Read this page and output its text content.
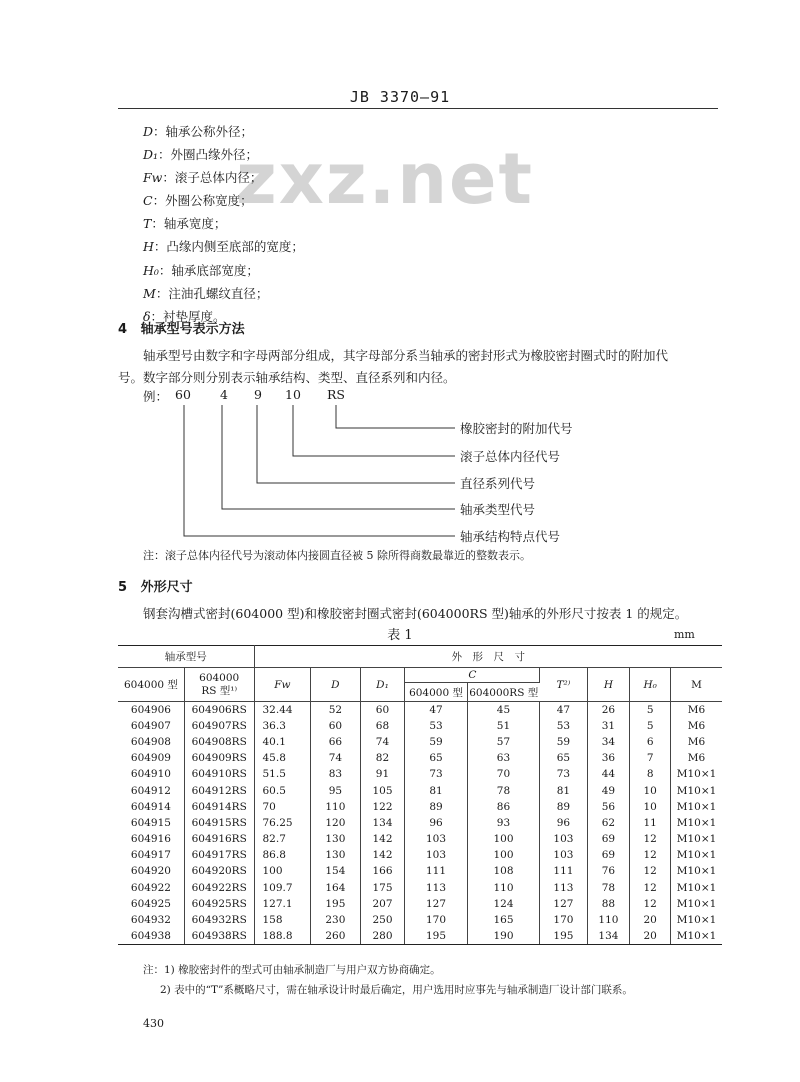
JB 3370—91
zxz.net
D：轴承公称外径；
D₁：外圈凸缘外径；
Fw：滚子总体内径；
C：外圈公称宽度；
T：轴承宽度；
H：凸缘内侧至底部的宽度；
H₀：轴承底部宽度；
M：注油孔螺纹直径；
δ：衬垫厚度。
4 轴承型号表示方法
轴承型号由数字和字母两部分组成，其字母部分系当轴承的密封形式为橡胶密封圈式时的附加代
号。数字部分则分别表示轴承结构、类型、直径系列和内径。
例： 60 4 9 10 RS
橡胶密封的附加代号
滚子总体内径代号
直径系列代号
轴承类型代号
轴承结构特点代号
注：滚子总体内径代号为滚动体内接圆直径被 5 除所得商数最靠近的整数表示。
5 外形尺寸
钢套沟槽式密封(604000 型)和橡胶密封圈式密封(604000RS 型)轴承的外形尺寸按表 1 的规定。
表 1	mm
轴承型号		外　形　尺　寸								
604000 型	604000
RS 型¹⁾	Fw	D	D₁	C		T²⁾	H	H₀	M
					604000 型	604000RS 型				
604906	604906RS	32.44	52	60	47	45	47	26	5	M6
604907	604907RS	36.3	60	68	53	51	53	31	5	M6
604908	604908RS	40.1	66	74	59	57	59	34	6	M6
604909	604909RS	45.8	74	82	65	63	65	36	7	M6
604910	604910RS	51.5	83	91	73	70	73	44	8	M10×1
604912	604912RS	60.5	95	105	81	78	81	49	10	M10×1
604914	604914RS	70	110	122	89	86	89	56	10	M10×1
604915	604915RS	76.25	120	134	96	93	96	62	11	M10×1
604916	604916RS	82.7	130	142	103	100	103	69	12	M10×1
604917	604917RS	86.8	130	142	103	100	103	69	12	M10×1
604920	604920RS	100	154	166	111	108	111	76	12	M10×1
604922	604922RS	109.7	164	175	113	110	113	78	12	M10×1
604925	604925RS	127.1	195	207	127	124	127	88	12	M10×1
604932	604932RS	158	230	250	170	165	170	110	20	M10×1
604938	604938RS	188.8	260	280	195	190	195	134	20	M10×1
注：1) 橡胶密封件的型式可由轴承制造厂与用户双方协商确定。
2) 表中的“T”系概略尺寸，需在轴承设计时最后确定，用户选用时应事先与轴承制造厂设计部门联系。
430
